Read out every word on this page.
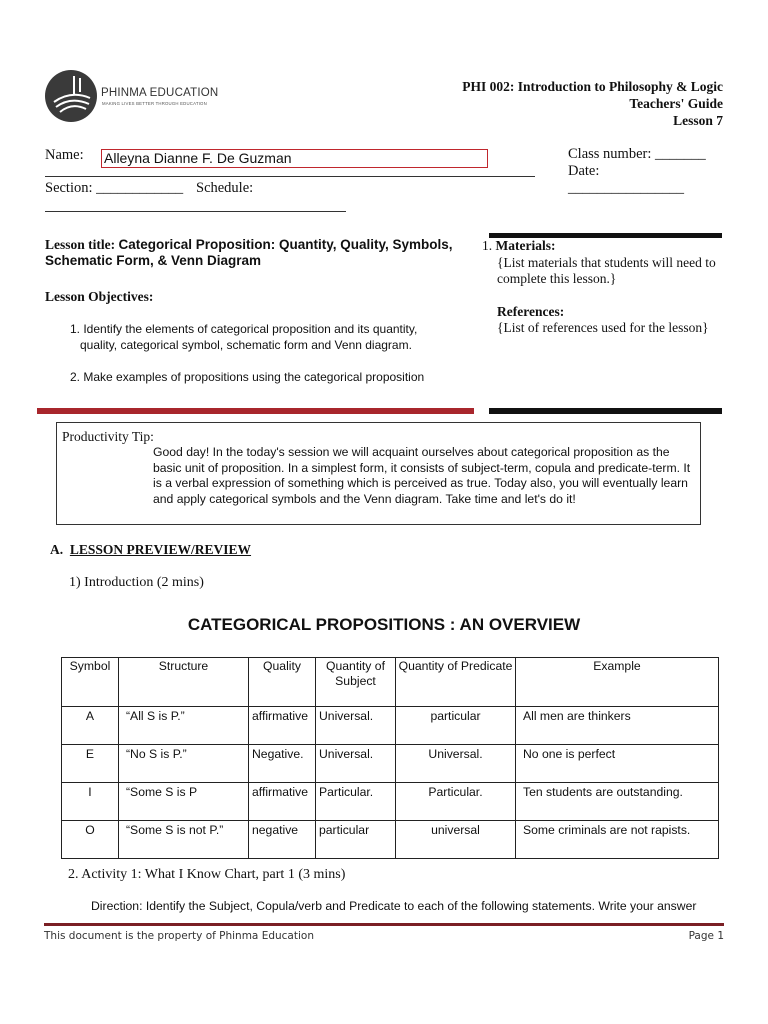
PHINMA EDUCATION
MAKING LIVES BETTER THROUGH EDUCATION
PHI 002: Introduction to Philosophy & Logic
Teachers' Guide
Lesson 7
Name: Alleyna Dianne F. De Guzman
Section: ____________ Schedule:
Class number: _______
Date:
________________
Lesson title: Categorical Proposition: Quantity, Quality, Symbols, Schematic Form, & Venn Diagram
Lesson Objectives:
1. Identify the elements of categorical proposition and its quantity,
quality, categorical symbol, schematic form and Venn diagram.
2. Make examples of propositions using the categorical proposition
1. Materials:
{List materials that students will need to complete this lesson.}
References:
{List of references used for the lesson}
Productivity Tip:
Good day! In the today's session we will acquaint ourselves about categorical proposition as the basic unit of proposition. In a simplest form, it consists of subject-term, copula and predicate-term. It is a verbal expression of something which is perceived as true. Today also, you will eventually learn and apply categorical symbols and the Venn diagram. Take time and let's do it!
A. LESSON PREVIEW/REVIEW
1) Introduction (2 mins)
CATEGORICAL PROPOSITIONS : AN OVERVIEW
Symbol	Structure	Quality	Quantity of Subject	Quantity of Predicate	Example
A	“All S is P.”	affirmative	Universal.	particular	All men are thinkers
E	“No S is P.”	Negative.	Universal.	Universal.	No one is perfect
I	“Some S is P	affirmative	Particular.	Particular.	Ten students are outstanding.
O	“Some S is not P.”	negative	particular	universal	Some criminals are not rapists.
2. Activity 1: What I Know Chart, part 1 (3 mins)
Direction: Identify the Subject, Copula/verb and Predicate to each of the following statements. Write your answer
This document is the property of Phinma Education	Page 1
